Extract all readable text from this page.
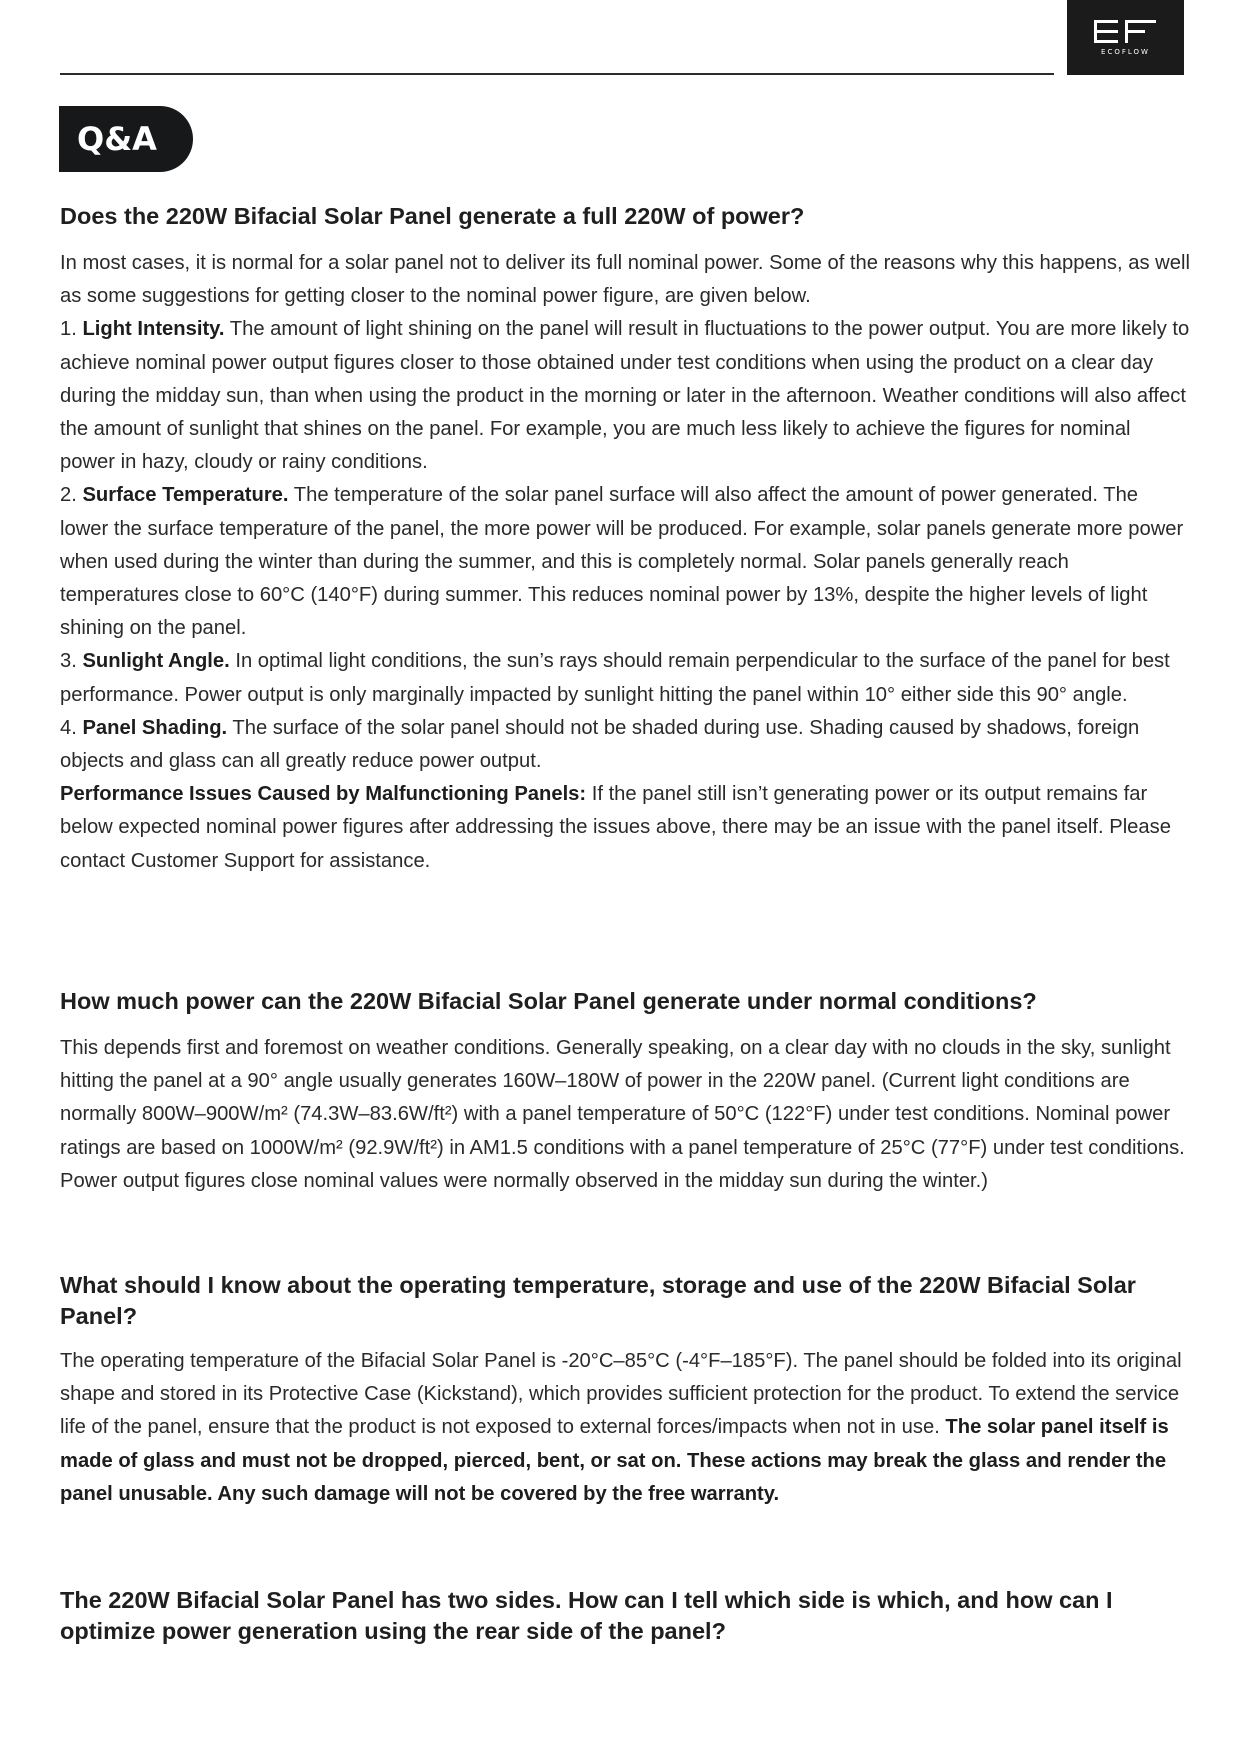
ECOFLOW
Q&A
Does the 220W Bifacial Solar Panel generate a full 220W of power?
In most cases, it is normal for a solar panel not to deliver its full nominal power. Some of the reasons why this happens, as well as some suggestions for getting closer to the nominal power figure, are given below.
1. Light Intensity. The amount of light shining on the panel will result in fluctuations to the power output. You are more likely to achieve nominal power output figures closer to those obtained under test conditions when using the product on a clear day during the midday sun, than when using the product in the morning or later in the afternoon. Weather conditions will also affect the amount of sunlight that shines on the panel. For example, you are much less likely to achieve the figures for nominal power in hazy, cloudy or rainy conditions.
2. Surface Temperature. The temperature of the solar panel surface will also affect the amount of power generated. The lower the surface temperature of the panel, the more power will be produced. For example, solar panels generate more power when used during the winter than during the summer, and this is completely normal. Solar panels generally reach temperatures close to 60°C (140°F) during summer. This reduces nominal power by 13%, despite the higher levels of light shining on the panel.
3. Sunlight Angle. In optimal light conditions, the sun’s rays should remain perpendicular to the surface of the panel for best performance. Power output is only marginally impacted by sunlight hitting the panel within 10° either side this 90° angle.
4. Panel Shading. The surface of the solar panel should not be shaded during use. Shading caused by shadows, foreign objects and glass can all greatly reduce power output.
Performance Issues Caused by Malfunctioning Panels: If the panel still isn’t generating power or its output remains far below expected nominal power figures after addressing the issues above, there may be an issue with the panel itself. Please contact Customer Support for assistance.
How much power can the 220W Bifacial Solar Panel generate under normal conditions?
This depends first and foremost on weather conditions. Generally speaking, on a clear day with no clouds in the sky, sunlight hitting the panel at a 90° angle usually generates 160W–180W of power in the 220W panel. (Current light conditions are normally 800W–900W/m² (74.3W–83.6W/ft²) with a panel temperature of 50°C (122°F) under test conditions. Nominal power ratings are based on 1000W/m² (92.9W/ft²) in AM1.5 conditions with a panel temperature of 25°C (77°F) under test conditions. Power output figures close nominal values were normally observed in the midday sun during the winter.)
What should I know about the operating temperature, storage and use of the 220W Bifacial Solar Panel?
The operating temperature of the Bifacial Solar Panel is -20°C–85°C (-4°F–185°F). The panel should be folded into its original shape and stored in its Protective Case (Kickstand), which provides sufficient protection for the product. To extend the service life of the panel, ensure that the product is not exposed to external forces/impacts when not in use. The solar panel itself is made of glass and must not be dropped, pierced, bent, or sat on. These actions may break the glass and render the panel unusable. Any such damage will not be covered by the free warranty.
The 220W Bifacial Solar Panel has two sides. How can I tell which side is which, and how can I optimize power generation using the rear side of the panel?
